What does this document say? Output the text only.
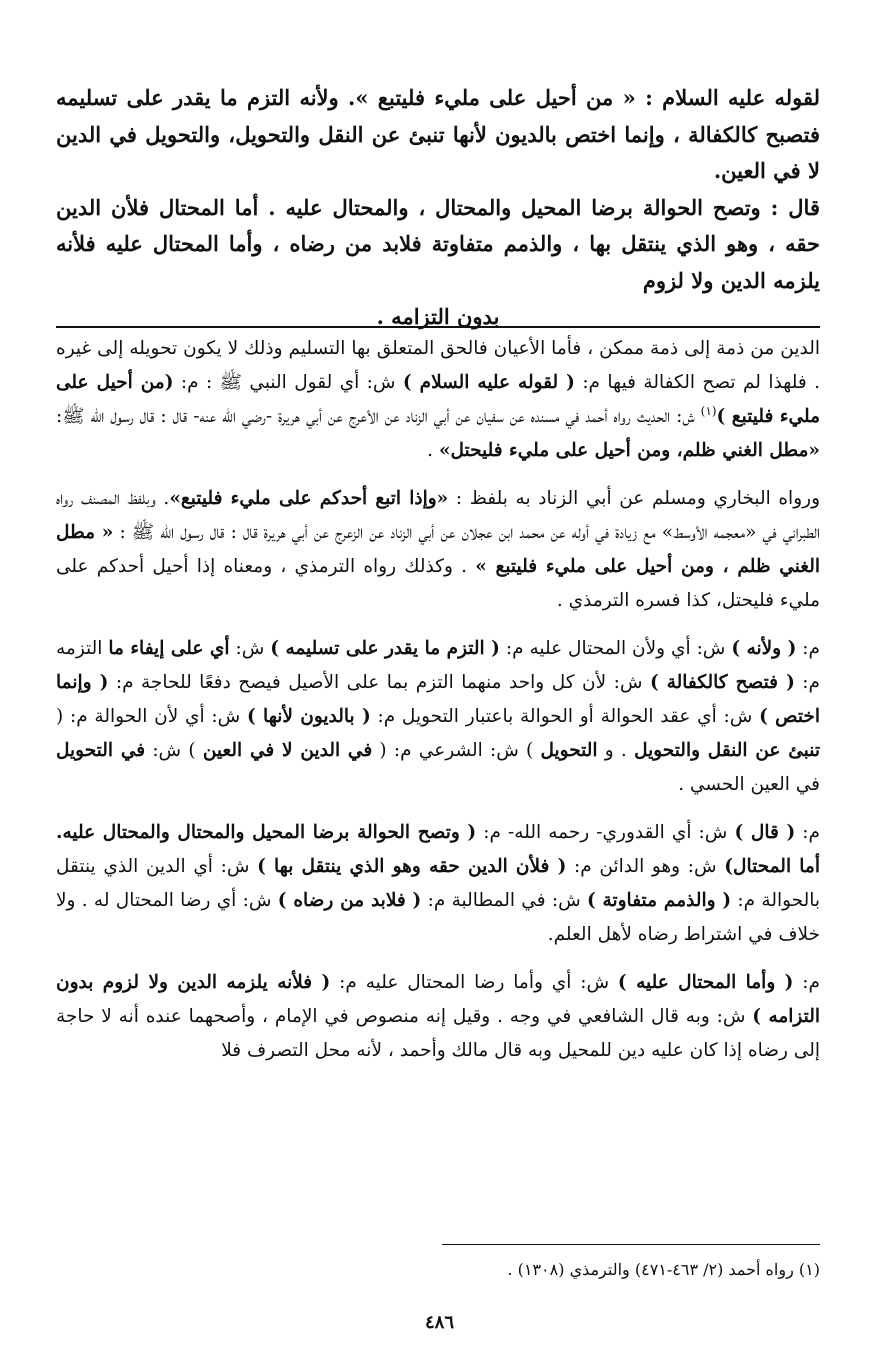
لقوله عليه السلام : « من أحيل على مليء فليتبع ». ولأنه التزم ما يقدر على تسليمه فتصبح كالكفالة ، وإنما اختص بالديون لأنها تنبئ عن النقل والتحويل، والتحويل في الدين لا في العين.

قال : وتصح الحوالة برضا المحيل والمحتال ، والمحتال عليه . أما المحتال فلأن الدين حقه ، وهو الذي ينتقل بها ، والذمم متفاوتة فلابد من رضاه ، وأما المحتال عليه فلأنه يلزمه الدين ولا لزوم

بدون التزامه .

الدين من ذمة إلى ذمة ممكن ، فأما الأعيان فالحق المتعلق بها التسليم وذلك لا يكون تحويله إلى غيره . فلهذا لم تصح الكفالة فيها م: ( لقوله عليه السلام ) ش: أي لقول النبي ﷺ : م: (من أحيل على مليء فليتبع )$^{(١)}$ ش: الحديث رواه أحمد في مسنده عن سفيان عن أبي الزناد عن الأعرج عن أبي هريرة -رضي الله عنه- قال : قال رسول الله ﷺ: «مطل الغني ظلم، ومن أحيل على مليء فليحتل» .

ورواه البخاري ومسلم عن أبي الزناد به بلفظ : «وإذا اتبع أحدكم على مليء فليتبع». وبلفظ المصنف رواه الطبراني في «معجمه الأوسط» مع زيادة في أوله عن محمد ابن عجلان عن أبي الزناد عن الزعرج عن أبي هريرة قال : قال رسول الله ﷺ : « مطل الغني ظلم ، ومن أحيل على مليء فليتبع » . وكذلك رواه الترمذي ، ومعناه إذا أحيل أحدكم على مليء فليحتل، كذا فسره الترمذي .

م: ( ولأنه ) ش: أي ولأن المحتال عليه م: ( التزم ما يقدر على تسليمه ) ش: أي على إيفاء ما التزمه م: ( فتصح كالكفالة ) ش: لأن كل واحد منهما التزم بما على الأصيل فيصح دفعًا للحاجة م: ( وإنما اختص ) ش: أي عقد الحوالة أو الحوالة باعتبار التحويل م: ( بالديون لأنها ) ش: أي لأن الحوالة م: ( تنبئ عن النقل والتحويل . و التحويل ) ش: الشرعي م: ( في الدين لا في العين ) ش: في التحويل في العين الحسي .

م: ( قال ) ش: أي القدوري- رحمه الله- م: ( وتصح الحوالة برضا المحيل والمحتال والمحتال عليه. أما المحتال) ش: وهو الدائن م: ( فلأن الدين حقه وهو الذي ينتقل بها ) ش: أي الدين الذي ينتقل بالحوالة م: ( والذمم متفاوتة ) ش: في المطالبة م: ( فلابد من رضاه ) ش: أي رضا المحتال له . ولا خلاف في اشتراط رضاه لأهل العلم.

م: ( وأما المحتال عليه ) ش: أي وأما رضا المحتال عليه م: ( فلأنه يلزمه الدين ولا لزوم بدون التزامه ) ش: وبه قال الشافعي في وجه . وقيل إنه منصوص في الإمام ، وأصحهما عنده أنه لا حاجة إلى رضاه إذا كان عليه دين للمحيل وبه قال مالك وأحمد ، لأنه محل التصرف فلا

(١) رواه أحمد (٢/ ٤٦٣-٤٧١) والترمذي (١٣٠٨) .
٤٨٦
